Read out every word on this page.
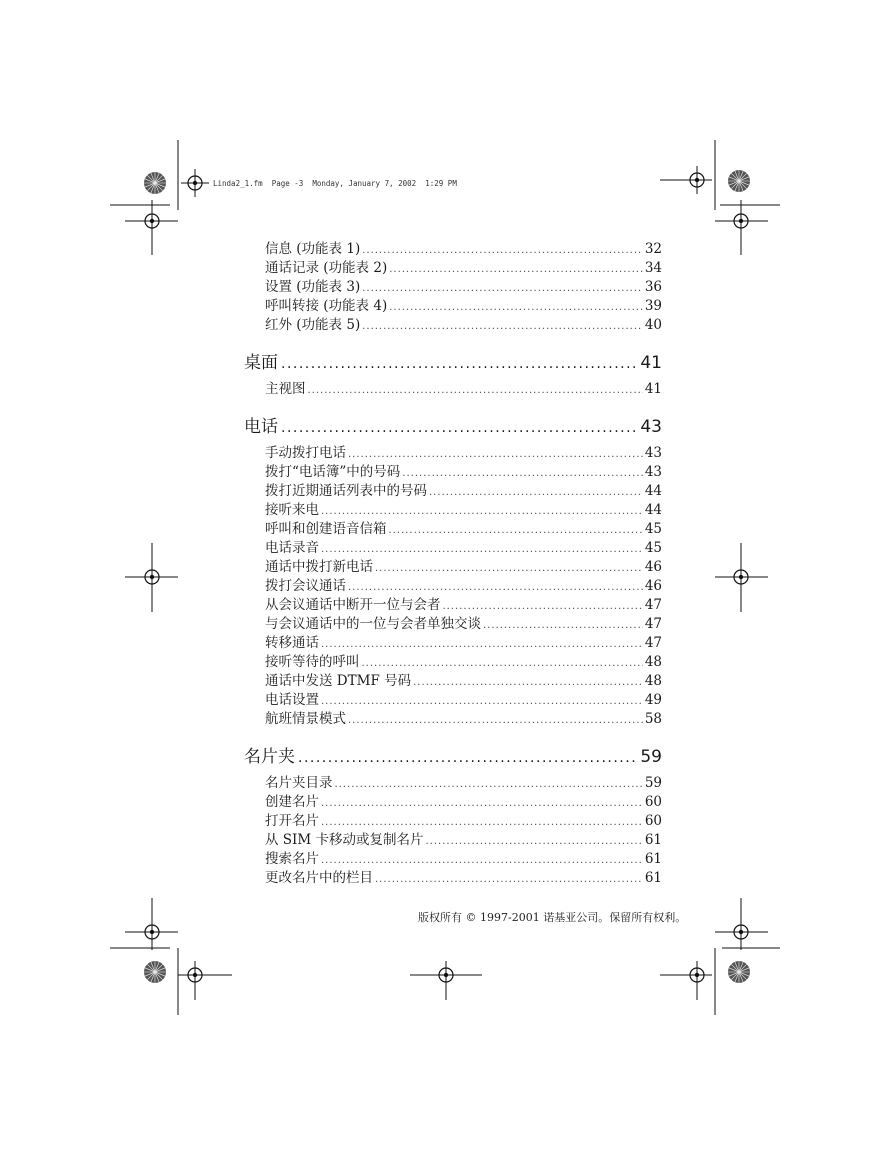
Linda2_1.fm  Page -3  Monday, January 7, 2002  1:29 PM
信息 (功能表 1) .....	32
通话记录 (功能表 2) .....	34
设置 (功能表 3) .....	36
呼叫转接 (功能表 4) .....	39
红外 (功能表 5) .....	40
桌面 .....	41
主视图 .....	41
电话 .....	43
手动拨打电话 .....	43
拨打“电话簿”中的号码 .....	43
拨打近期通话列表中的号码 .....	44
接听来电 .....	44
呼叫和创建语音信箱 .....	45
电话录音 .....	45
通话中拨打新电话 .....	46
拨打会议通话 .....	46
从会议通话中断开一位与会者 .....	47
与会议通话中的一位与会者单独交谈 .....	47
转移通话 .....	47
接听等待的呼叫 .....	48
通话中发送 DTMF 号码 .....	48
电话设置 .....	49
航班情景模式 .....	58
名片夹 .....	59
名片夹目录 .....	59
创建名片 .....	60
打开名片 .....	60
从 SIM 卡移动或复制名片 .....	61
搜索名片 .....	61
更改名片中的栏目 .....	61
版权所有 © 1997-2001 诺基亚公司。保留所有权利。
